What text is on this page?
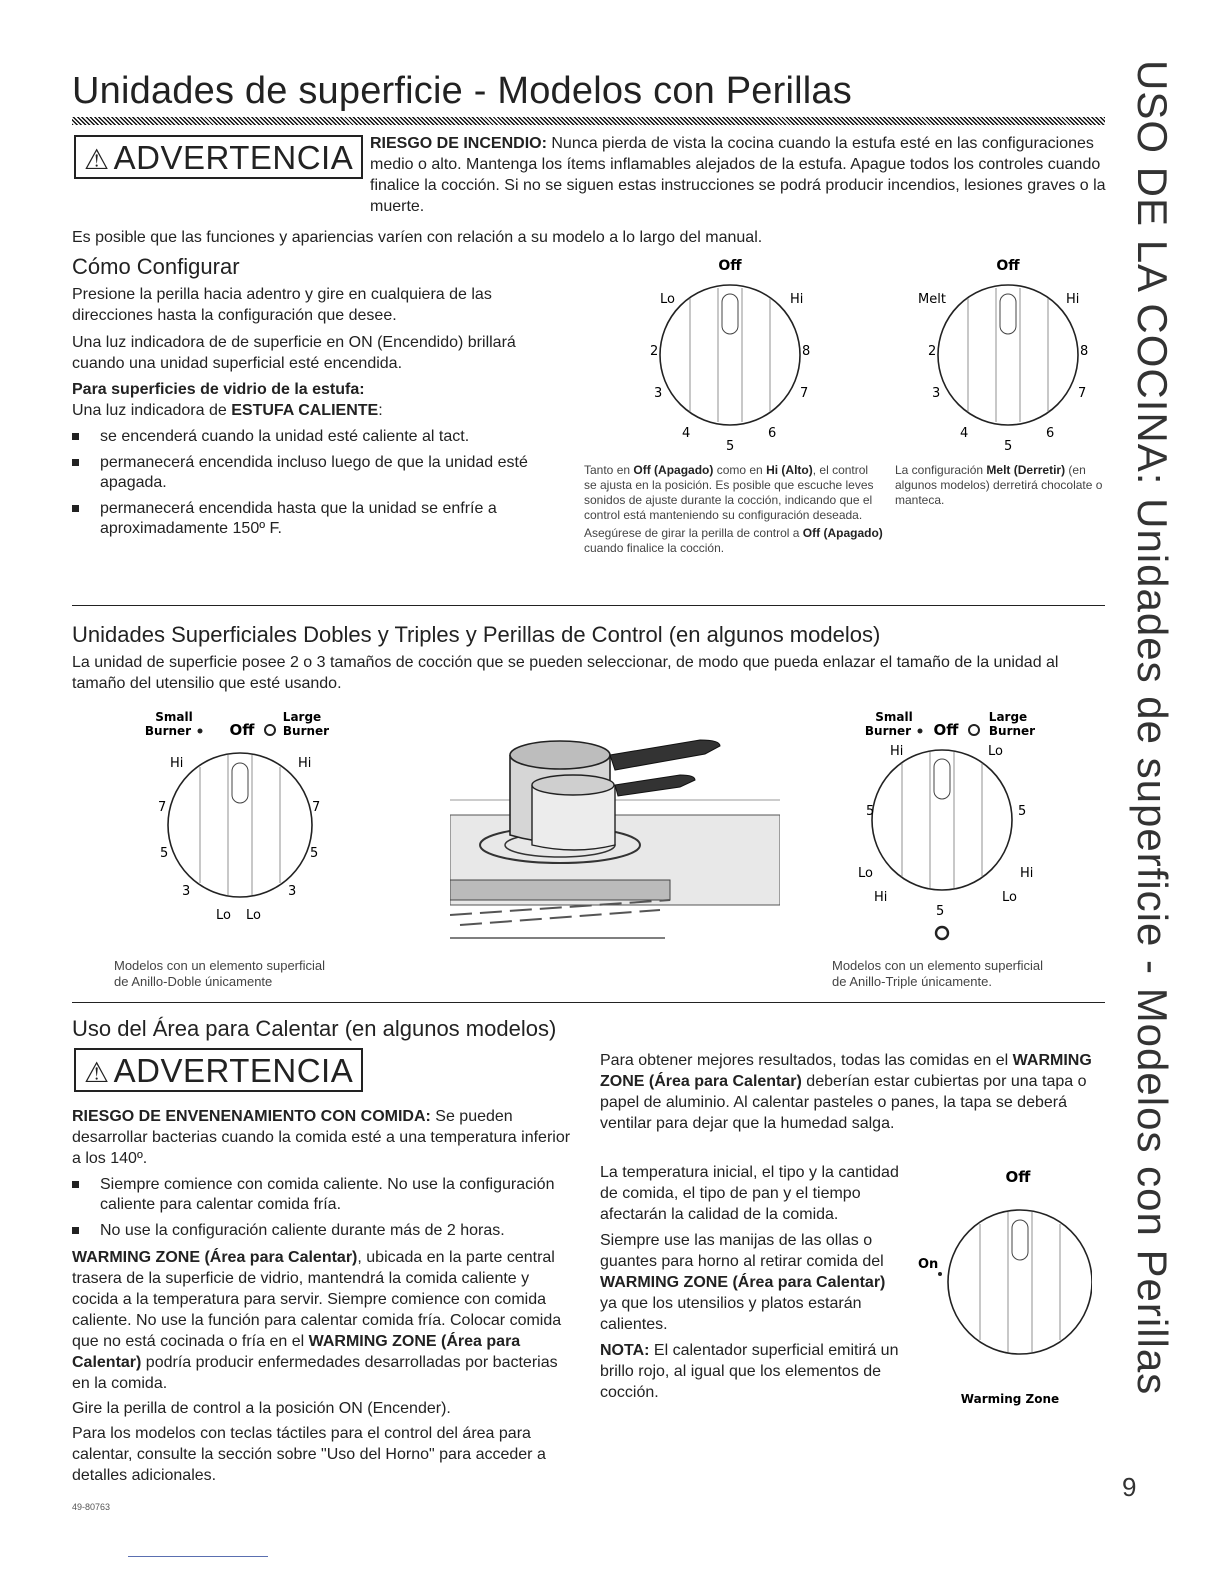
Unidades de superficie - Modelos con Perillas	USO DE LA COCINA: Unidades de superficie - Modelos con Perillas
⚠ ADVERTENCIA	RIESGO DE INCENDIO: Nunca pierda de vista la cocina cuando la estufa esté en las configuraciones medio o alto. Mantenga los ítems inflamables alejados de la estufa. Apague todos los controles cuando finalice la cocción. Si no se siguen estas instrucciones se podrá producir incendios, lesiones graves o la muerte.

Es posible que las funciones y apariencias varíen con relación a su modelo a lo largo del manual.

Cómo Configurar

Presione la perilla hacia adentro y gire en cualquiera de las direcciones hasta la configuración que desee.

Una luz indicadora de de superficie en ON (Encendido) brillará cuando una unidad superficial esté encendida.

Para superficies de vidrio de la estufa:

Una luz indicadora de ESTUFA CALIENTE:

se encenderá cuando la unidad esté caliente al tact.
permanecerá encendida incluso luego de que la unidad esté apagada.
permanecerá encendida hasta que la unidad se enfríe a aproximadamente 150º F.
Off
Lo	Hi
2
3
4
5
6
7
8

Tanto en Off (Apagado) como en Hi (Alto), el control se ajusta en la posición. Es posible que escuche leves sonidos de ajuste durante la cocción, indicando que el control está manteniendo su configuración deseada.

Asegúrese de girar la perilla de control a Off (Apagado) cuando finalice la cocción.

Off
Melt	Hi
2
3
4
5
6
7
8
La configuración Melt (Derretir) (en algunos modelos) derretirá chocolate o manteca.
Unidades Superficiales Dobles y Triples y Perillas de Control (en algunos modelos)

La unidad de superficie posee 2 o 3 tamaños de cocción que se pueden seleccionar, de modo que pueda enlazar el tamaño de la unidad al tamaño del utensilio que esté usando.

Small
Burner	Off
Large
Burner
Hi	Hi
7	7
5	5
3	3
Lo Lo

Modelos con un elemento superficial

de Anillo-Doble únicamente

Small
Burner Off
Large
Burner
Hi	Lo
5	5
Lo	Hi
Hi	Lo
5

Modelos con un elemento superficial

de Anillo-Triple únicamente.

Uso del Área para Calentar (en algunos modelos)
⚠ ADVERTENCIA

RIESGO DE ENVENENAMIENTO CON COMIDA: Se pueden desarrollar bacterias cuando la comida esté a una temperatura inferior a los 140º.

Siempre comience con comida caliente. No use la configuración caliente para calentar comida fría.
No use la configuración caliente durante más de 2 horas.

WARMING ZONE (Área para Calentar), ubicada en la parte central trasera de la superficie de vidrio, mantendrá la comida caliente y cocida a la temperatura para servir. Siempre comience con comida caliente. No use la función para calentar comida fría. Colocar comida que no está cocinada o fría en el WARMING ZONE (Área para Calentar) podría producir enfermedades desarrolladas por bacterias en la comida.

Gire la perilla de control a la posición ON (Encender).

Para los modelos con teclas táctiles para el control del área para calentar, consulte la sección sobre "Uso del Horno" para acceder a detalles adicionales.

Para obtener mejores resultados, todas las comidas en el WARMING ZONE (Área para Calentar) deberían estar cubiertas por una tapa o papel de aluminio. Al calentar pasteles o panes, la tapa se deberá ventilar para dejar que la humedad salga.

La temperatura inicial, el tipo y la cantidad de comida, el tipo de pan y el tiempo afectarán la calidad de la comida.

Siempre use las manijas de las ollas o guantes para horno al retirar comida del WARMING ZONE (Área para Calentar) ya que los utensilios y platos estarán calientes.

NOTA: El calentador superficial emitirá un brillo rojo, al igual que los elementos de cocción.

Off
On
Warming Zone
49-80763
9
